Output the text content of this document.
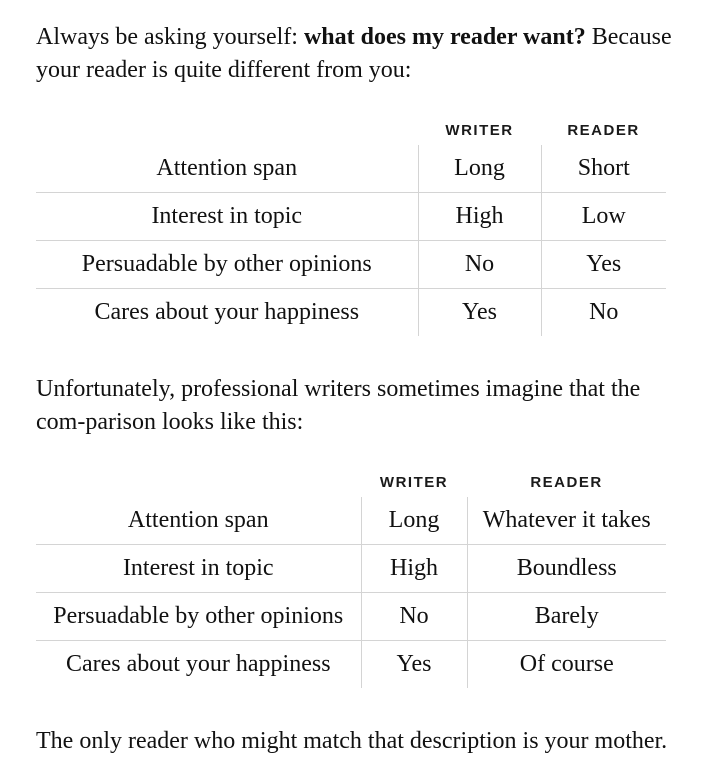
Always be asking yourself: what does my reader want? Because your reader is quite different from you:

	WRITER	READER
Attention span	Long	Short
Interest in topic	High	Low
Persuadable by other opinions	No	Yes
Cares about your happiness	Yes	No

Unfortunately, professional writers sometimes imagine that the com-parison looks like this:

	WRITER	READER
Attention span	Long	Whatever it takes
Interest in topic	High	Boundless
Persuadable by other opinions	No	Barely
Cares about your happiness	Yes	Of course

The only reader who might match that description is your mother.
